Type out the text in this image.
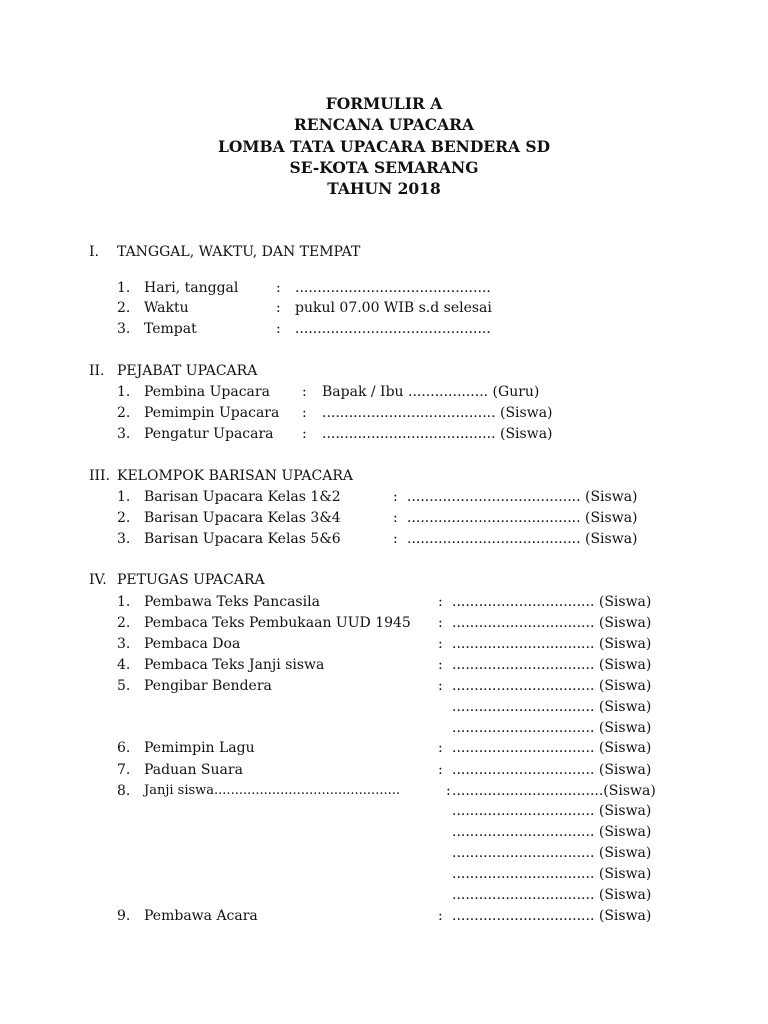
FORMULIR A
RENCANA UPACARA
LOMBA TATA UPACARA BENDERA SD
SE-KOTA SEMARANG
TAHUN 2018
I. TANGGAL, WAKTU, DAN TEMPAT
1. Hari, tanggal	: ............................................
2. Waktu	: pukul 07.00 WIB s.d selesai
3. Tempat	: ............................................
II. PEJABAT UPACARA
1. Pembina Upacara : Bapak / Ibu .................. (Guru)
2. Pemimpin Upacara : ....................................... (Siswa)
3. Pengatur Upacara : ....................................... (Siswa)
III. KELOMPOK BARISAN UPACARA
1. Barisan Upacara Kelas 1&2	: ....................................... (Siswa)
2. Barisan Upacara Kelas 3&4	: ....................................... (Siswa)
3. Barisan Upacara Kelas 5&6	: ....................................... (Siswa)
IV. PETUGAS UPACARA
1. Pembawa Teks Pancasila	: ................................ (Siswa)
2. Pembaca Teks Pembukaan UUD 1945 : ................................ (Siswa)
3. Pembaca Doa	: ................................ (Siswa)
4. Pembaca Teks Janji siswa	: ................................ (Siswa)
5. Pengibar Bendera	: ................................ (Siswa)
................................ (Siswa)
................................ (Siswa)
6. Pemimpin Lagu	: ................................ (Siswa)
7. Paduan Suara	: ................................ (Siswa)
8. Janji siswa.............................................	: ..................................(Siswa)
................................ (Siswa)
................................ (Siswa)
................................ (Siswa)
................................ (Siswa)
................................ (Siswa)
9. Pembawa Acara	: ................................ (Siswa)
